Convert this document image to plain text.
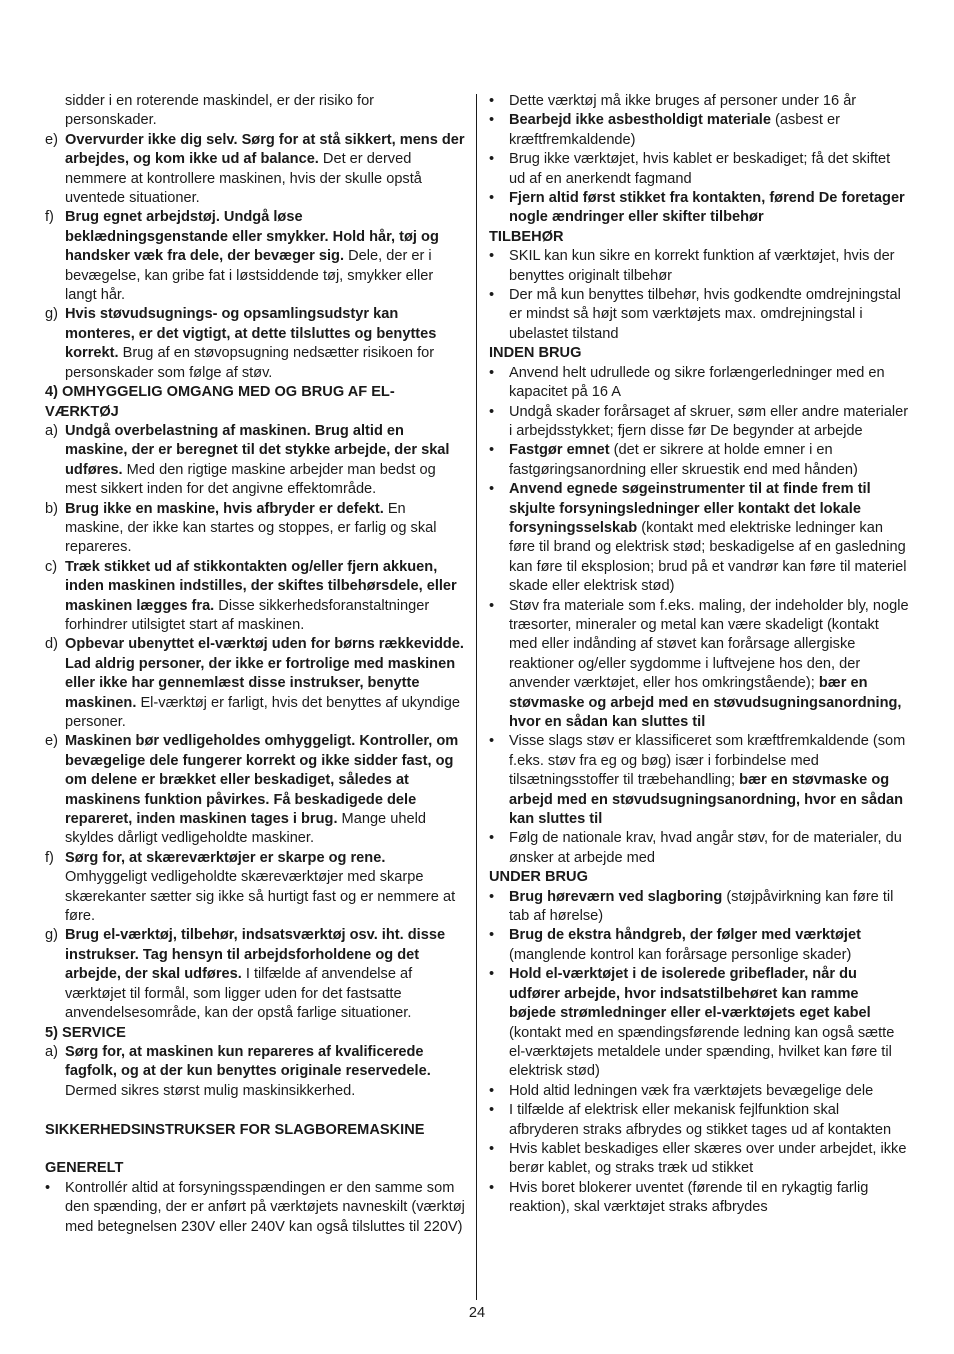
sidder i en roterende maskindel, er der risiko for personskader.
e) Overvurder ikke dig selv. Sørg for at stå sikkert, mens der arbejdes, og kom ikke ud af balance. Det er derved nemmere at kontrollere maskinen, hvis der skulle opstå uventede situationer.
f) Brug egnet arbejdstøj. Undgå løse beklædningsgenstande eller smykker. Hold hår, tøj og handsker væk fra dele, der bevæger sig. Dele, der er i bevægelse, kan gribe fat i løstsiddende tøj, smykker eller langt hår.
g) Hvis støvudsugnings- og opsamlingsudstyr kan monteres, er det vigtigt, at dette tilsluttes og benyttes korrekt. Brug af en støvopsugning nedsætter risikoen for personskader som følge af støv.
4) OMHYGGELIG OMGANG MED OG BRUG AF EL-VÆRKTØJ
a) Undgå overbelastning af maskinen. Brug altid en maskine, der er beregnet til det stykke arbejde, der skal udføres. Med den rigtige maskine arbejder man bedst og mest sikkert inden for det angivne effektområde.
b) Brug ikke en maskine, hvis afbryder er defekt. En maskine, der ikke kan startes og stoppes, er farlig og skal repareres.
c) Træk stikket ud af stikkontakten og/eller fjern akkuen, inden maskinen indstilles, der skiftes tilbehørsdele, eller maskinen lægges fra. Disse sikkerhedsforanstaltninger forhindrer utilsigtet start af maskinen.
d) Opbevar ubenyttet el-værktøj uden for børns rækkevidde. Lad aldrig personer, der ikke er fortrolige med maskinen eller ikke har gennemlæst disse instrukser, benytte maskinen. El-værktøj er farligt, hvis det benyttes af ukyndige personer.
e) Maskinen bør vedligeholdes omhyggeligt. Kontroller, om bevægelige dele fungerer korrekt og ikke sidder fast, og om delene er brækket eller beskadiget, således at maskinens funktion påvirkes. Få beskadigede dele repareret, inden maskinen tages i brug. Mange uheld skyldes dårligt vedligeholdte maskiner.
f) Sørg for, at skæreværktøjer er skarpe og rene. Omhyggeligt vedligeholdte skæreværktøjer med skarpe skærekanter sætter sig ikke så hurtigt fast og er nemmere at føre.
g) Brug el-værktøj, tilbehør, indsatsværktøj osv. iht. disse instrukser. Tag hensyn til arbejdsforholdene og det arbejde, der skal udføres. I tilfælde af anvendelse af værktøjet til formål, som ligger uden for det fastsatte anvendelsesområde, kan der opstå farlige situationer.
5) SERVICE
a) Sørg for, at maskinen kun repareres af kvalificerede fagfolk, og at der kun benyttes originale reservedele. Dermed sikres størst mulig maskinsikkerhed.
SIKKERHEDSINSTRUKSER FOR SLAGBOREMASKINE
GENERELT
• Kontrollér altid at forsyningsspændingen er den samme som den spænding, der er anført på værktøjets navneskilt (værktøj med betegnelsen 230V eller 240V kan også tilsluttes til 220V)
• Dette værktøj må ikke bruges af personer under 16 år
• Bearbejd ikke asbestholdigt materiale (asbest er kræftfremkaldende)
• Brug ikke værktøjet, hvis kablet er beskadiget; få det skiftet ud af en anerkendt fagmand
• Fjern altid først stikket fra kontakten, førend De foretager nogle ændringer eller skifter tilbehør
TILBEHØR
• SKIL kan kun sikre en korrekt funktion af værktøjet, hvis der benyttes originalt tilbehør
• Der må kun benyttes tilbehør, hvis godkendte omdrejningstal er mindst så højt som værktøjets max. omdrejningstal i ubelastet tilstand
INDEN BRUG
• Anvend helt udrullede og sikre forlængerledninger med en kapacitet på 16 A
• Undgå skader forårsaget af skruer, søm eller andre materialer i arbejdsstykket; fjern disse før De begynder at arbejde
• Fastgør emnet (det er sikrere at holde emner i en fastgøringsanordning eller skruestik end med hånden)
• Anvend egnede søgeinstrumenter til at finde frem til skjulte forsyningsledninger eller kontakt det lokale forsyningsselskab (kontakt med elektriske ledninger kan føre til brand og elektrisk stød; beskadigelse af en gasledning kan føre til eksplosion; brud på et vandrør kan føre til materiel skade eller elektrisk stød)
• Støv fra materiale som f.eks. maling, der indeholder bly, nogle træsorter, mineraler og metal kan være skadeligt (kontakt med eller indånding af støvet kan forårsage allergiske reaktioner og/eller sygdomme i luftvejene hos den, der anvender værktøjet, eller hos omkringstående); bær en støvmaske og arbejd med en støvudsugningsanordning, hvor en sådan kan sluttes til
• Visse slags støv er klassificeret som kræftfremkaldende (som f.eks. støv fra eg og bøg) især i forbindelse med tilsætningsstoffer til træbehandling; bær en støvmaske og arbejd med en støvudsugningsanordning, hvor en sådan kan sluttes til
• Følg de nationale krav, hvad angår støv, for de materialer, du ønsker at arbejde med
UNDER BRUG
• Brug høreværn ved slagboring (støjpåvirkning kan føre til tab af hørelse)
• Brug de ekstra håndgreb, der følger med værktøjet (manglende kontrol kan forårsage personlige skader)
• Hold el-værktøjet i de isolerede gribeflader, når du udfører arbejde, hvor indsatstilbehøret kan ramme bøjede strømledninger eller el-værktøjets eget kabel (kontakt med en spændingsførende ledning kan også sætte el-værktøjets metaldele under spænding, hvilket kan føre til elektrisk stød)
• Hold altid ledningen væk fra værktøjets bevægelige dele
• I tilfælde af elektrisk eller mekanisk fejlfunktion skal afbryderen straks afbrydes og stikket tages ud af kontakten
• Hvis kablet beskadiges eller skæres over under arbejdet, ikke berør kablet, og straks træk ud stikket
• Hvis boret blokerer uventet (førende til en rykagtig farlig reaktion), skal værktøjet straks afbrydes
24
